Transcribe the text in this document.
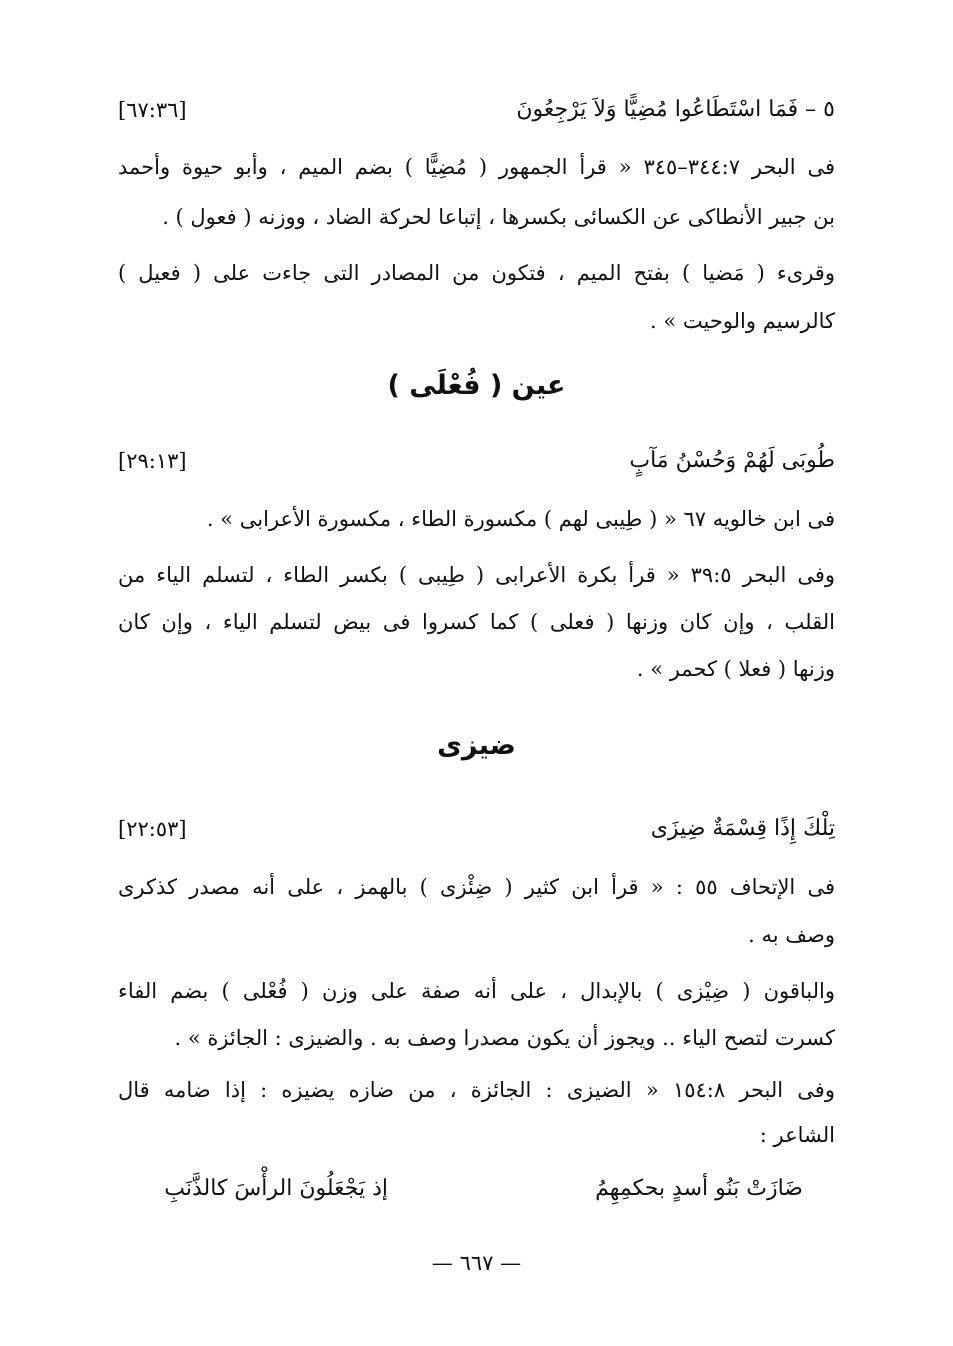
٥ – فَمَا اسْتَطَاعُوا مُضِيًّا وَلاَ يَرْجِعُونَ
[٦٧:٣٦]
فى البحر ٣٤٤:٧–٣٤٥ « قرأ الجمهور ( مُضِيًّا ) بضم الميم ، وأبو حيوة وأحمد
بن جبير الأنطاكى عن الكسائى بكسرها ، إتباعا لحركة الضاد ، ووزنه ( فعول ) .
وقرىء ( مَضيا ) بفتح الميم ، فتكون من المصادر التى جاءت على ( فعيل )
كالرسيم والوحيت » .
عين ( فُعْلَى )
طُوبَى لَهُمْ وَحُسْنُ مَآبٍ
[٢٩:١٣]
فى ابن خالويه ٦٧ « ( طِيبى لهم ) مكسورة الطاء ، مكسورة الأعرابى » .
وفى البحر ٣٩:٥ « قرأ بكرة الأعرابى ( طِيبى ) بكسر الطاء ، لتسلم الياء من
القلب ، وإن كان وزنها ( فعلى ) كما كسروا فى بيض لتسلم الياء ، وإن كان
وزنها ( فعلا ) كحمر » .
ضيزى
تِلْكَ إِذًا قِسْمَةٌ ضِيزَى
[٢٢:٥٣]
فى الإتحاف ٥٥ : « قرأ ابن كثير ( ضِئْزى ) بالهمز ، على أنه مصدر كذكرى
وصف به .
والباقون ( ضِيْزى ) بالإبدال ، على أنه صفة على وزن ( فُعْلى ) بضم الفاء
كسرت لتصح الياء .. ويجوز أن يكون مصدرا وصف به . والضيزى : الجائزة » .
وفى البحر ١٥٤:٨ « الضيزى : الجائزة ، من ضازه يضيزه : إذا ضامه قال
الشاعر :
ضَازَتْ بَنُو أسدٍ بحكمِهِمُ
إذ يَجْعَلُونَ الرأْسَ كالذَّنَبِ
— ٦٦٧ —
